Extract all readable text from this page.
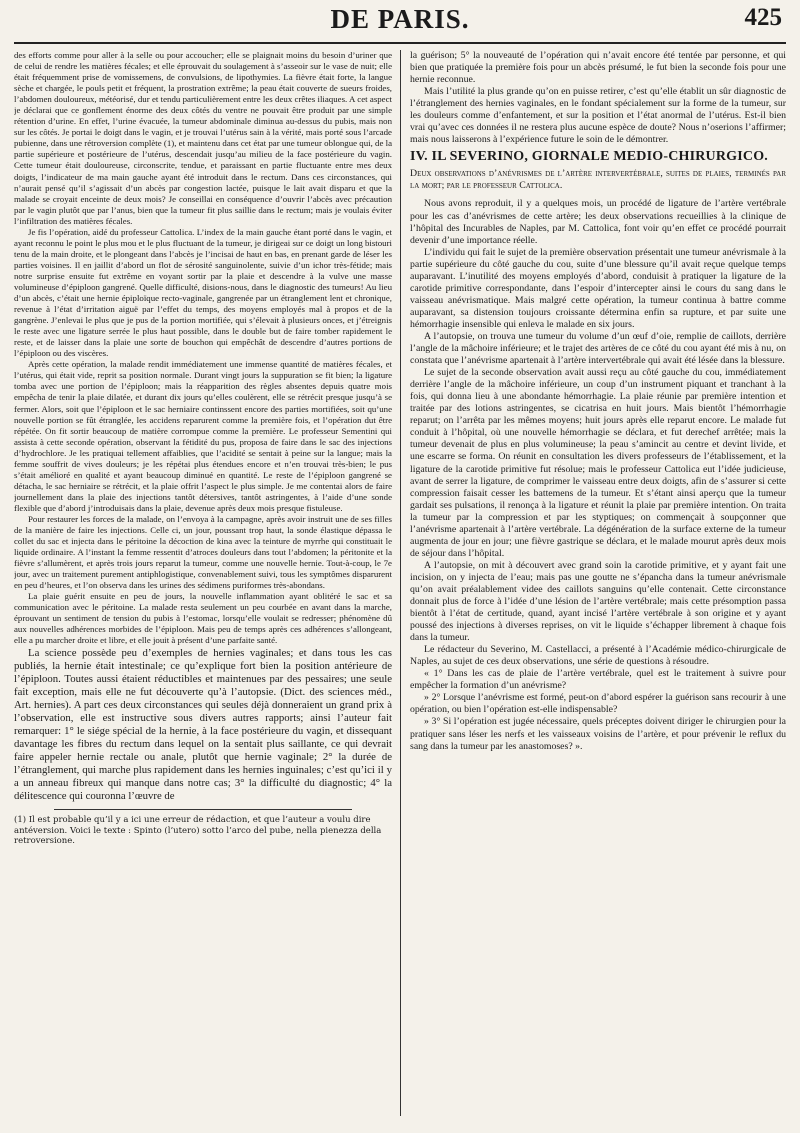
DE PARIS.	425

des efforts comme pour aller à la selle ou pour accoucher; elle se plaignait moins du besoin d’uriner que de celui de rendre les matières fécales; et elle éprouvait du soulagement à s’asseoir sur le vase de nuit; elle était fréquemment prise de vomissemens, de convulsions, de lipothymies. La fièvre était forte, la langue sèche et chargée, le pouls petit et fréquent, la prostration extrême; la peau était couverte de sueurs froides, l’abdomen douloureux, météorisé, dur et tendu particulièrement entre les deux crêtes iliaques. A cet aspect je déclarai que ce gonflement énorme des deux côtés du ventre ne pouvait être produit par une simple rétention d’urine. En effet, l’urine évacuée, la tumeur abdominale diminua au-dessus du pubis, mais non sur les côtés. Je portai le doigt dans le vagin, et je trouvai l’utérus sain à la vérité, mais porté sous l’arcade pubienne, dans une rétroversion complète (1), et maintenu dans cet état par une tumeur oblongue qui, de la partie supérieure et postérieure de l’utérus, descendait jusqu’au milieu de la face postérieure du vagin. Cette tumeur était douloureuse, circonscrite, tendue, et paraissant en partie fluctuante entre mes deux doigts, l’indicateur de ma main gauche ayant été introduit dans le rectum. Dans ces circonstances, qui n’aurait pensé qu’il s’agissait d’un abcès par congestion lactée, puisque le lait avait disparu et que la malade se croyait enceinte de deux mois? Je conseillai en conséquence d’ouvrir l’abcès avec précaution par le vagin plutôt que par l’anus, bien que la tumeur fit plus saillie dans le rectum; mais je voulais éviter l’infiltration des matières fécales.

Je fis l’opération, aidé du professeur Cattolica. L’index de la main gauche étant porté dans le vagin, et ayant reconnu le point le plus mou et le plus fluctuant de la tumeur, je dirigeai sur ce doigt un long bistouri tenu de la main droite, et le plongeant dans l’abcès je l’incisai de haut en bas, en prenant garde de léser les parties voisines. Il en jaillit d’abord un flot de sérosité sanguinolente, suivie d’un ichor très-fétide; mais notre surprise ensuite fut extrême en voyant sortir par la plaie et descendre à la vulve une masse volumineuse d’épiploon gangrené. Quelle difficulté, disions-nous, dans le diagnostic des tumeurs! Au lieu d’un abcès, c’était une hernie épiploïque recto-vaginale, gangrenée par un étranglement lent et chronique, revenue à l’état d’irritation aiguë par l’effet du temps, des moyens employés mal à propos et de la gangrène. J’enlevai le plus que je pus de la portion mortifiée, qui s’élevait à plusieurs onces, et j’étreignis le reste avec une ligature serrée le plus haut possible, dans le double but de faire tomber rapidement le reste, et de laisser dans la plaie une sorte de bouchon qui empêchât de descendre d’autres portions de l’épiploon ou des viscères.

Après cette opération, la malade rendit immédiatement une immense quantité de matières fécales, et l’utérus, qui était vide, reprit sa position normale. Durant vingt jours la suppuration se fit bien; la ligature tomba avec une portion de l’épiploon; mais la réapparition des règles absentes depuis quatre mois empêcha de tenir la plaie dilatée, et durant dix jours qu’elles coulèrent, elle se rétrécit presque jusqu’à se fermer. Alors, soit que l’épiploon et le sac herniaire continssent encore des parties mortifiées, soit qu’une nouvelle portion se fût étranglée, les accidens reparurent comme la première fois, et l’opération dut être répétée. On fit sortir beaucoup de matière corrompue comme la première. Le professeur Sementini qui assista à cette seconde opération, observant la fétidité du pus, proposa de faire dans le sac des injections d’hydrochlore. Je les pratiquai tellement affaiblies, que l’acidité se sentait à peine sur la langue; mais la femme souffrit de vives douleurs; je les répétai plus étendues encore et n’en trouvai très-bien; le pus s’était amélioré en qualité et ayant beaucoup diminué en quantité. Le reste de l’épiploon gangrené se détacha, le sac herniaire se rétrécit, et la plaie offrit l’aspect le plus simple. Je me contentai alors de faire journellement dans la plaie des injections tantôt détersives, tantôt astringentes, à l’aide d’une sonde flexible que d’abord j’introduisais dans la plaie, devenue après deux mois presque fistuleuse.

Pour restaurer les forces de la malade, on l’envoya à la campagne, après avoir instruit une de ses filles de la manière de faire les injections. Celle ci, un jour, poussant trop haut, la sonde élastique dépassa le collet du sac et injecta dans le péritoine la décoction de kina avec la teinture de myrrhe qui constituait le liquide ordinaire. A l’instant la femme ressentit d’atroces douleurs dans tout l’abdomen; la péritonite et la fièvre s’allumèrent, et après trois jours reparut la tumeur, comme une nouvelle hernie. Tout-à-coup, le 7e jour, avec un traitement purement antiphlogistique, convenablement suivi, tous les symptômes disparurent en peu d’heures, et l’on observa dans les urines des sédimens puriformes très-abondans.

La plaie guérit ensuite en peu de jours, la nouvelle inflammation ayant oblitéré le sac et sa communication avec le péritoine. La malade resta seulement un peu courbée en avant dans la marche, éprouvant un sentiment de tension du pubis à l’estomac, lorsqu’elle voulait se redresser; phénomène dû aux nouvelles adhérences morbides de l’épiploon. Mais peu de temps après ces adhérences s’allongeant, elle a pu marcher droite et libre, et elle jouit à présent d’une parfaite santé.

La science possède peu d’exemples de hernies vaginales; et dans tous les cas publiés, la hernie était intestinale; ce qu’explique fort bien la position antérieure de l’épiploon. Toutes aussi étaient réductibles et maintenues par des pessaires; une seule fait exception, mais elle ne fut découverte qu’à l’autopsie. (Dict. des sciences méd., Art. hernies). A part ces deux circonstances qui seules déjà donneraient un grand prix à l’observation, elle est instructive sous divers autres rapports; ainsi l’auteur fait remarquer: 1° le siége spécial de la hernie, à la face postérieure du vagin, et dissequant davantage les fibres du rectum dans lequel on la sentait plus saillante, ce qui devrait faire appeler hernie rectale ou anale, plutôt que hernie vaginale; 2° la durée de l’étranglement, qui marche plus rapidement dans les hernies inguinales; c’est qu’ici il y a un anneau fibreux qui manque dans notre cas; 3° la difficulté du diagnostic; 4° la délitescence qui couronna l’œuvre de

(1) Il est probable qu’il y a ici une erreur de rédaction, et que l’auteur a voulu dire antéversion. Voici le texte : Spinto (l’utero) sotto l’arco del pube, nella pienezza della retroversione.

la guérison; 5° la nouveauté de l’opération qui n’avait encore été tentée par personne, et qui bien que pratiquée la première fois pour un abcès présumé, le fut bien la seconde fois pour une hernie reconnue.

Mais l’utilité la plus grande qu’on en puisse retirer, c’est qu’elle établit un sûr diagnostic de l’étranglement des hernies vaginales, en le fondant spécialement sur la forme de la tumeur, sur les douleurs comme d’enfantement, et sur la position et l’état anormal de l’utérus. Est-il bien vrai qu’avec ces données il ne restera plus aucune espèce de doute? Nous n’oserions l’affirmer; mais nous laisserons à l’expérience future le soin de le démontrer.

IV. IL SEVERINO, GIORNALE MEDIO-CHIRURGICO.

Deux observations d’anévrismes de l’artère intervertébrale, suites de plaies, terminés par la mort; par le professeur Cattolica.

Nous avons reproduit, il y a quelques mois, un procédé de ligature de l’artère vertébrale pour les cas d’anévrismes de cette artère; les deux observations recueillies à la clinique de l’hôpital des Incurables de Naples, par M. Cattolica, font voir qu’en effet ce procédé pourrait devenir d’une importance réelle.

L’individu qui fait le sujet de la première observation présentait une tumeur anévrismale à la partie supérieure du côté gauche du cou, suite d’une blessure qu’il avait reçue quelque temps auparavant. L’inutilité des moyens employés d’abord, conduisit à pratiquer la ligature de la carotide primitive correspondante, dans l’espoir d’intercepter ainsi le cours du sang dans le vaisseau anévrismatique. Mais malgré cette opération, la tumeur continua à battre comme auparavant, sa distension toujours croissante détermina enfin sa rupture, et par suite une hémorrhagie insensible qui enleva le malade en six jours.

A l’autopsie, on trouva une tumeur du volume d’un œuf d’oie, remplie de caillots, derrière l’angle de la mâchoire inférieure; et le trajet des artères de ce côté du cou ayant été mis à nu, on constata que l’anévrisme apartenait à l’artère intervertébrale qui avait été lésée dans la blessure.

Le sujet de la seconde observation avait aussi reçu au côté gauche du cou, immédiatement derrière l’angle de la mâchoire inférieure, un coup d’un instrument piquant et tranchant à la fois, qui donna lieu à une abondante hémorrhagie. La plaie réunie par première intention et traitée par des lotions astringentes, se cicatrisa en huit jours. Mais bientôt l’hémorrhagie reparut; on l’arrêta par les mêmes moyens; huit jours après elle reparut encore. Le malade fut conduit à l’hôpital, où une nouvelle hémorrhagie se déclara, et fut derechef arrêtée; mais la tumeur devenait de plus en plus volumineuse; la peau s’amincit au centre et devint livide, et une escarre se forma. On réunit en consultation les divers professeurs de l’établissement, et la ligature de la carotide primitive fut résolue; mais le professeur Cattolica eut l’idée judicieuse, avant de serrer la ligature, de comprimer le vaisseau entre deux doigts, afin de s’assurer si cette compression faisait cesser les battemens de la tumeur. Et s’étant ainsi aperçu que la tumeur gardait ses pulsations, il renonça à la ligature et réunit la plaie par première intention. On traita la tumeur par la compression et par les styptiques; on commençait à soupçonner que l’anévrisme apartenait à l’artère vertébrale. La dégénération de la surface externe de la tumeur augmenta de jour en jour; une fièvre gastrique se déclara, et le malade mourut après deux mois de séjour dans l’hôpital.

A l’autopsie, on mit à découvert avec grand soin la carotide primitive, et y ayant fait une incision, on y injecta de l’eau; mais pas une goutte ne s’épancha dans la tumeur anévrismale qu’on avait préalablement videe des caillots sanguins qu’elle contenait. Cette circonstance donnait plus de force à l’idée d’une lésion de l’artère vertébrale; mais cette présomption passa bientôt à l’état de certitude, quand, ayant incisé l’artère vertébrale à son origine et y ayant poussé des injections à diverses reprises, on vit le liquide s’échapper librement à chaque fois dans la tumeur.

Le rédacteur du Severino, M. Castellacci, a présenté à l’Académie médico-chirurgicale de Naples, au sujet de ces deux observations, une série de questions à résoudre.

« 1° Dans les cas de plaie de l’artère vertébrale, quel est le traitement à suivre pour empêcher la formation d’un anévrisme?

» 2° Lorsque l’anévrisme est formé, peut-on d’abord espérer la guérison sans recourir à une opération, ou bien l’opération est-elle indispensable?

» 3° Si l’opération est jugée nécessaire, quels préceptes doivent diriger le chirurgien pour la pratiquer sans léser les nerfs et les vaisseaux voisins de l’artère, et pour prévenir le reflux du sang dans la tumeur par les anastomoses? ».
